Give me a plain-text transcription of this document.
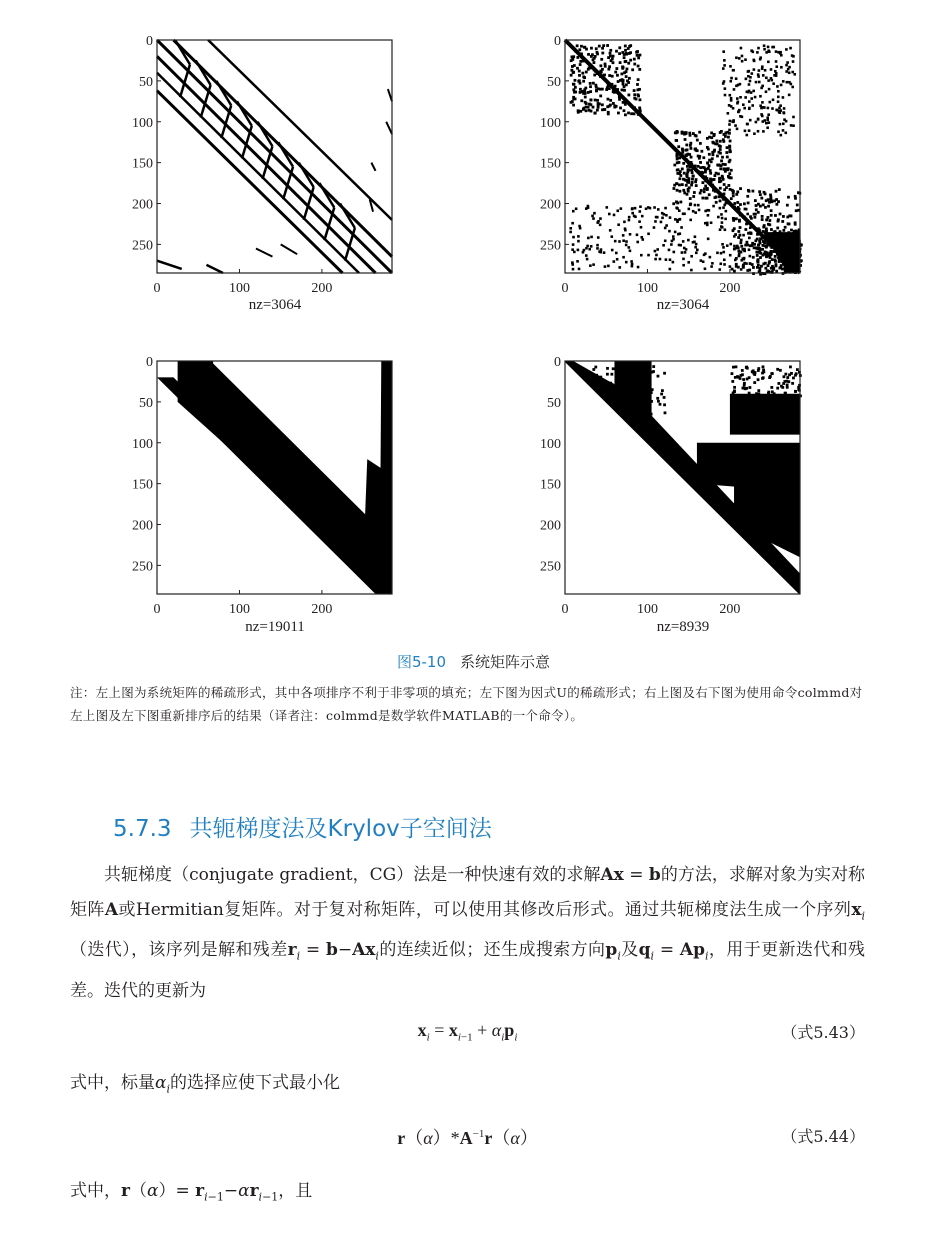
0
50
100
150
200
250
0	100	200
0
50
100
150
200
250
0	100	200
0
50
100
150
200
250
0	100	200
0
50
100
150
200
250
0	100	200
nz=3064	nz=3064
nz=19011	nz=8939
图5-10 系统矩阵示意
注：左上图为系统矩阵的稀疏形式，其中各项排序不利于非零项的填充；左下图为因式U的稀疏形式；右上图及右下图为使用命令colmmd对左上图及左下图重新排序后的结果（译者注：colmmd是数学软件MATLAB的一个命令）。
5.7.3 共轭梯度法及Krylov子空间法

共轭梯度（conjugate gradient，CG）法是一种快速有效的求解Ax = b的方法，求解对象为实对称矩阵A或Hermitian复矩阵。对于复对称矩阵，可以使用其修改后形式。通过共轭梯度法生成一个序列$x_i$（迭代），该序列是解和残差$r_i = b-Ax_i$的连续近似；还生成搜索方向$p_i$及$q_i = Ap_i$，用于更新迭代和残差。迭代的更新为

$x_i = x_{i-1} + \alpha_ip_i$	（式5.43）

式中，标量$\alpha_i$的选择应使下式最小化

$r(\alpha)*A^{-1}r(\alpha)$	（式5.44）

式中，$r(\alpha)= r_{i-1}-\alpha r_{i-1}$，且
